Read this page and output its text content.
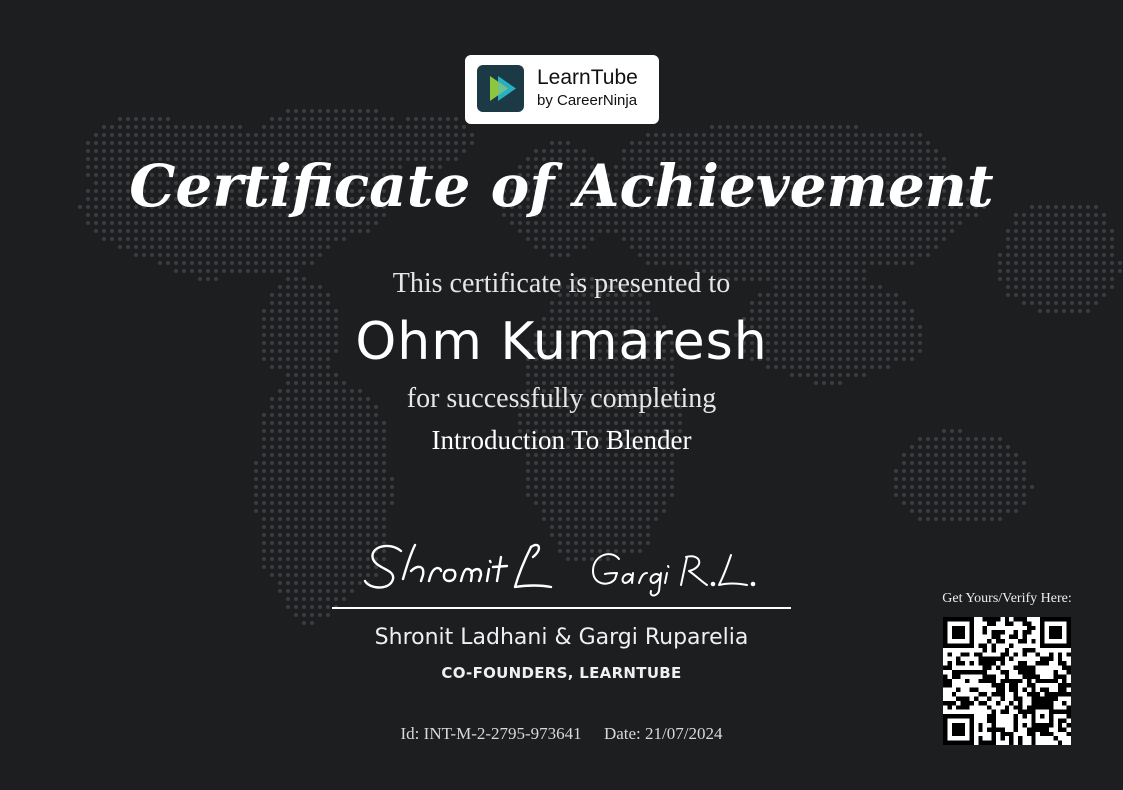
LearnTube
by CareerNinja
Certificate of Achievement
This certificate is presented to
Ohm Kumaresh
for successfully completing
Introduction To Blender
Shronit Ladhani & Gargi Ruparelia
CO-FOUNDERS, LEARNTUBE
Id: INT-M-2-2795-973641 Date: 21/07/2024
Get Yours/Verify Here:
